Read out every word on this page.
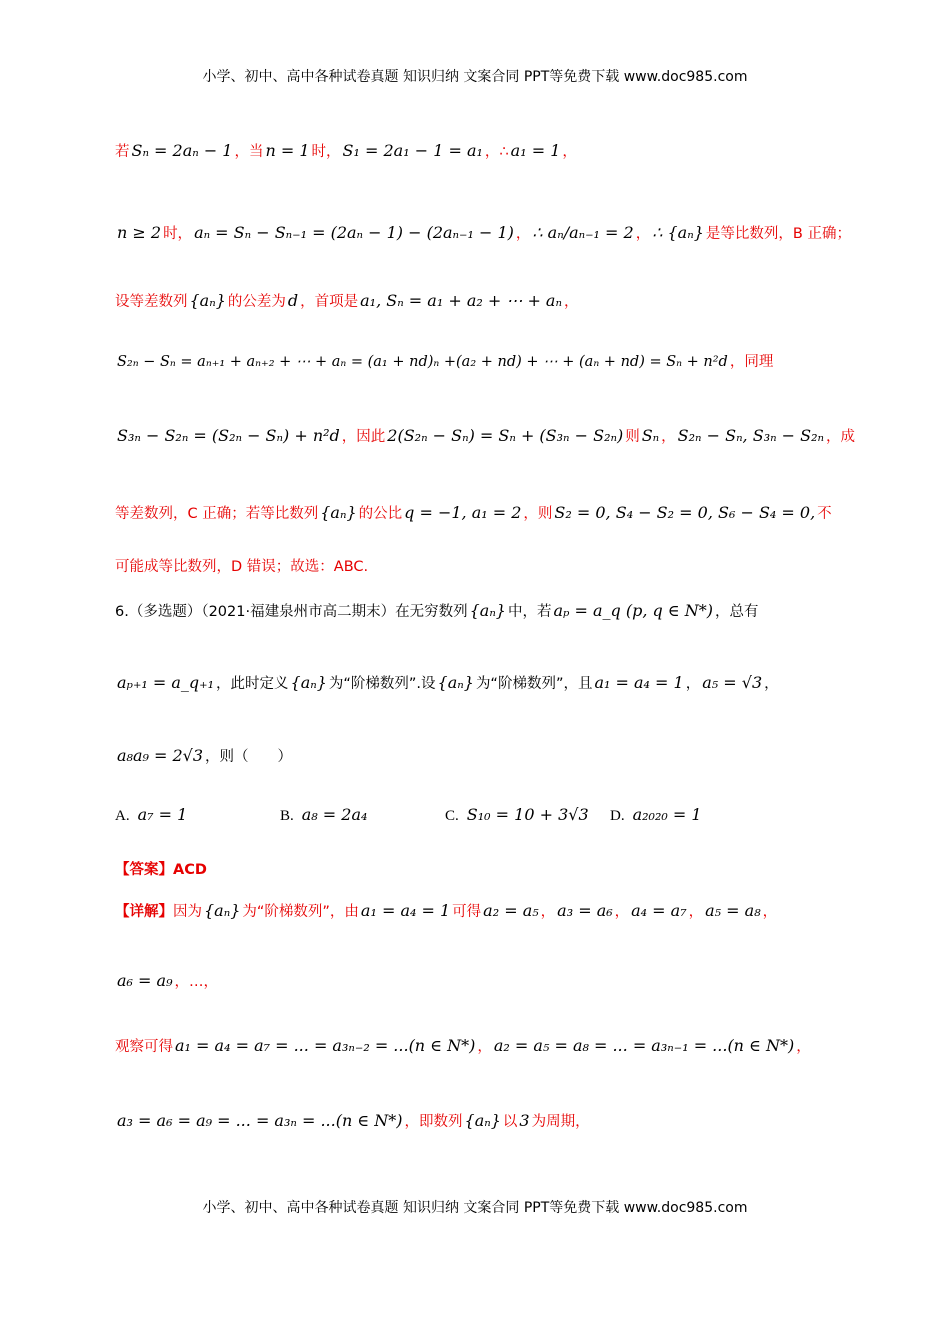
小学、初中、高中各种试卷真题 知识归纳 文案合同 PPT等免费下载 www.doc985.com
若 Sₙ = 2aₙ − 1 ，当 n = 1 时， S₁ = 2a₁ − 1 = a₁ ，∴ a₁ = 1 ，
n ≥ 2 时， aₙ = Sₙ − Sₙ₋₁ = (2aₙ − 1) − (2aₙ₋₁ − 1) ， ∴ aₙ/aₙ₋₁ = 2 ， ∴ {aₙ} 是等比数列，B 正确；
设等差数列 {aₙ} 的公差为 d ，首项是 a₁, Sₙ = a₁ + a₂ + ⋯ + aₙ ，
S₂ₙ − Sₙ = aₙ₊₁ + aₙ₊₂ + ⋯ + aₙ = (a₁ + nd)ₙ +(a₂ + nd) + ⋯ + (aₙ + nd) = Sₙ + n²d ，同理
S₃ₙ − S₂ₙ = (S₂ₙ − Sₙ) + n²d ，因此 2(S₂ₙ − Sₙ) = Sₙ + (S₃ₙ − S₂ₙ) 则 Sₙ ， S₂ₙ − Sₙ, S₃ₙ − S₂ₙ ，成
等差数列，C 正确；若等比数列 {aₙ} 的公比 q = −1, a₁ = 2 ，则 S₂ = 0, S₄ − S₂ = 0, S₆ − S₄ = 0, 不
可能成等比数列，D 错误；故选：ABC.
6.（多选题）（2021·福建泉州市高二期末）在无穷数列 {aₙ} 中，若 aₚ = a_q (p, q ∈ N*) ，总有
aₚ₊₁ = a_q₊₁ ，此时定义 {aₙ} 为“阶梯数列”.设 {aₙ} 为“阶梯数列”，且 a₁ = a₄ = 1 ， a₅ = √3 ，
a₈a₉ = 2√3 ，则（　　）
A. a₇ = 1	B. a₈ = 2a₄	C. S₁₀ = 10 + 3√3 D. a₂₀₂₀ = 1
【答案】ACD
【详解】因为 {aₙ} 为“阶梯数列”，由 a₁ = a₄ = 1 可得 a₂ = a₅ ， a₃ = a₆ ， a₄ = a₇ ， a₅ = a₈ ，
a₆ = a₉ ，…，
观察可得 a₁ = a₄ = a₇ = ... = a₃ₙ₋₂ = ...(n ∈ N*) ， a₂ = a₅ = a₈ = ... = a₃ₙ₋₁ = ...(n ∈ N*) ，
a₃ = a₆ = a₉ = ... = a₃ₙ = ...(n ∈ N*) ，即数列 {aₙ} 以 3 为周期，
小学、初中、高中各种试卷真题 知识归纳 文案合同 PPT等免费下载 www.doc985.com
